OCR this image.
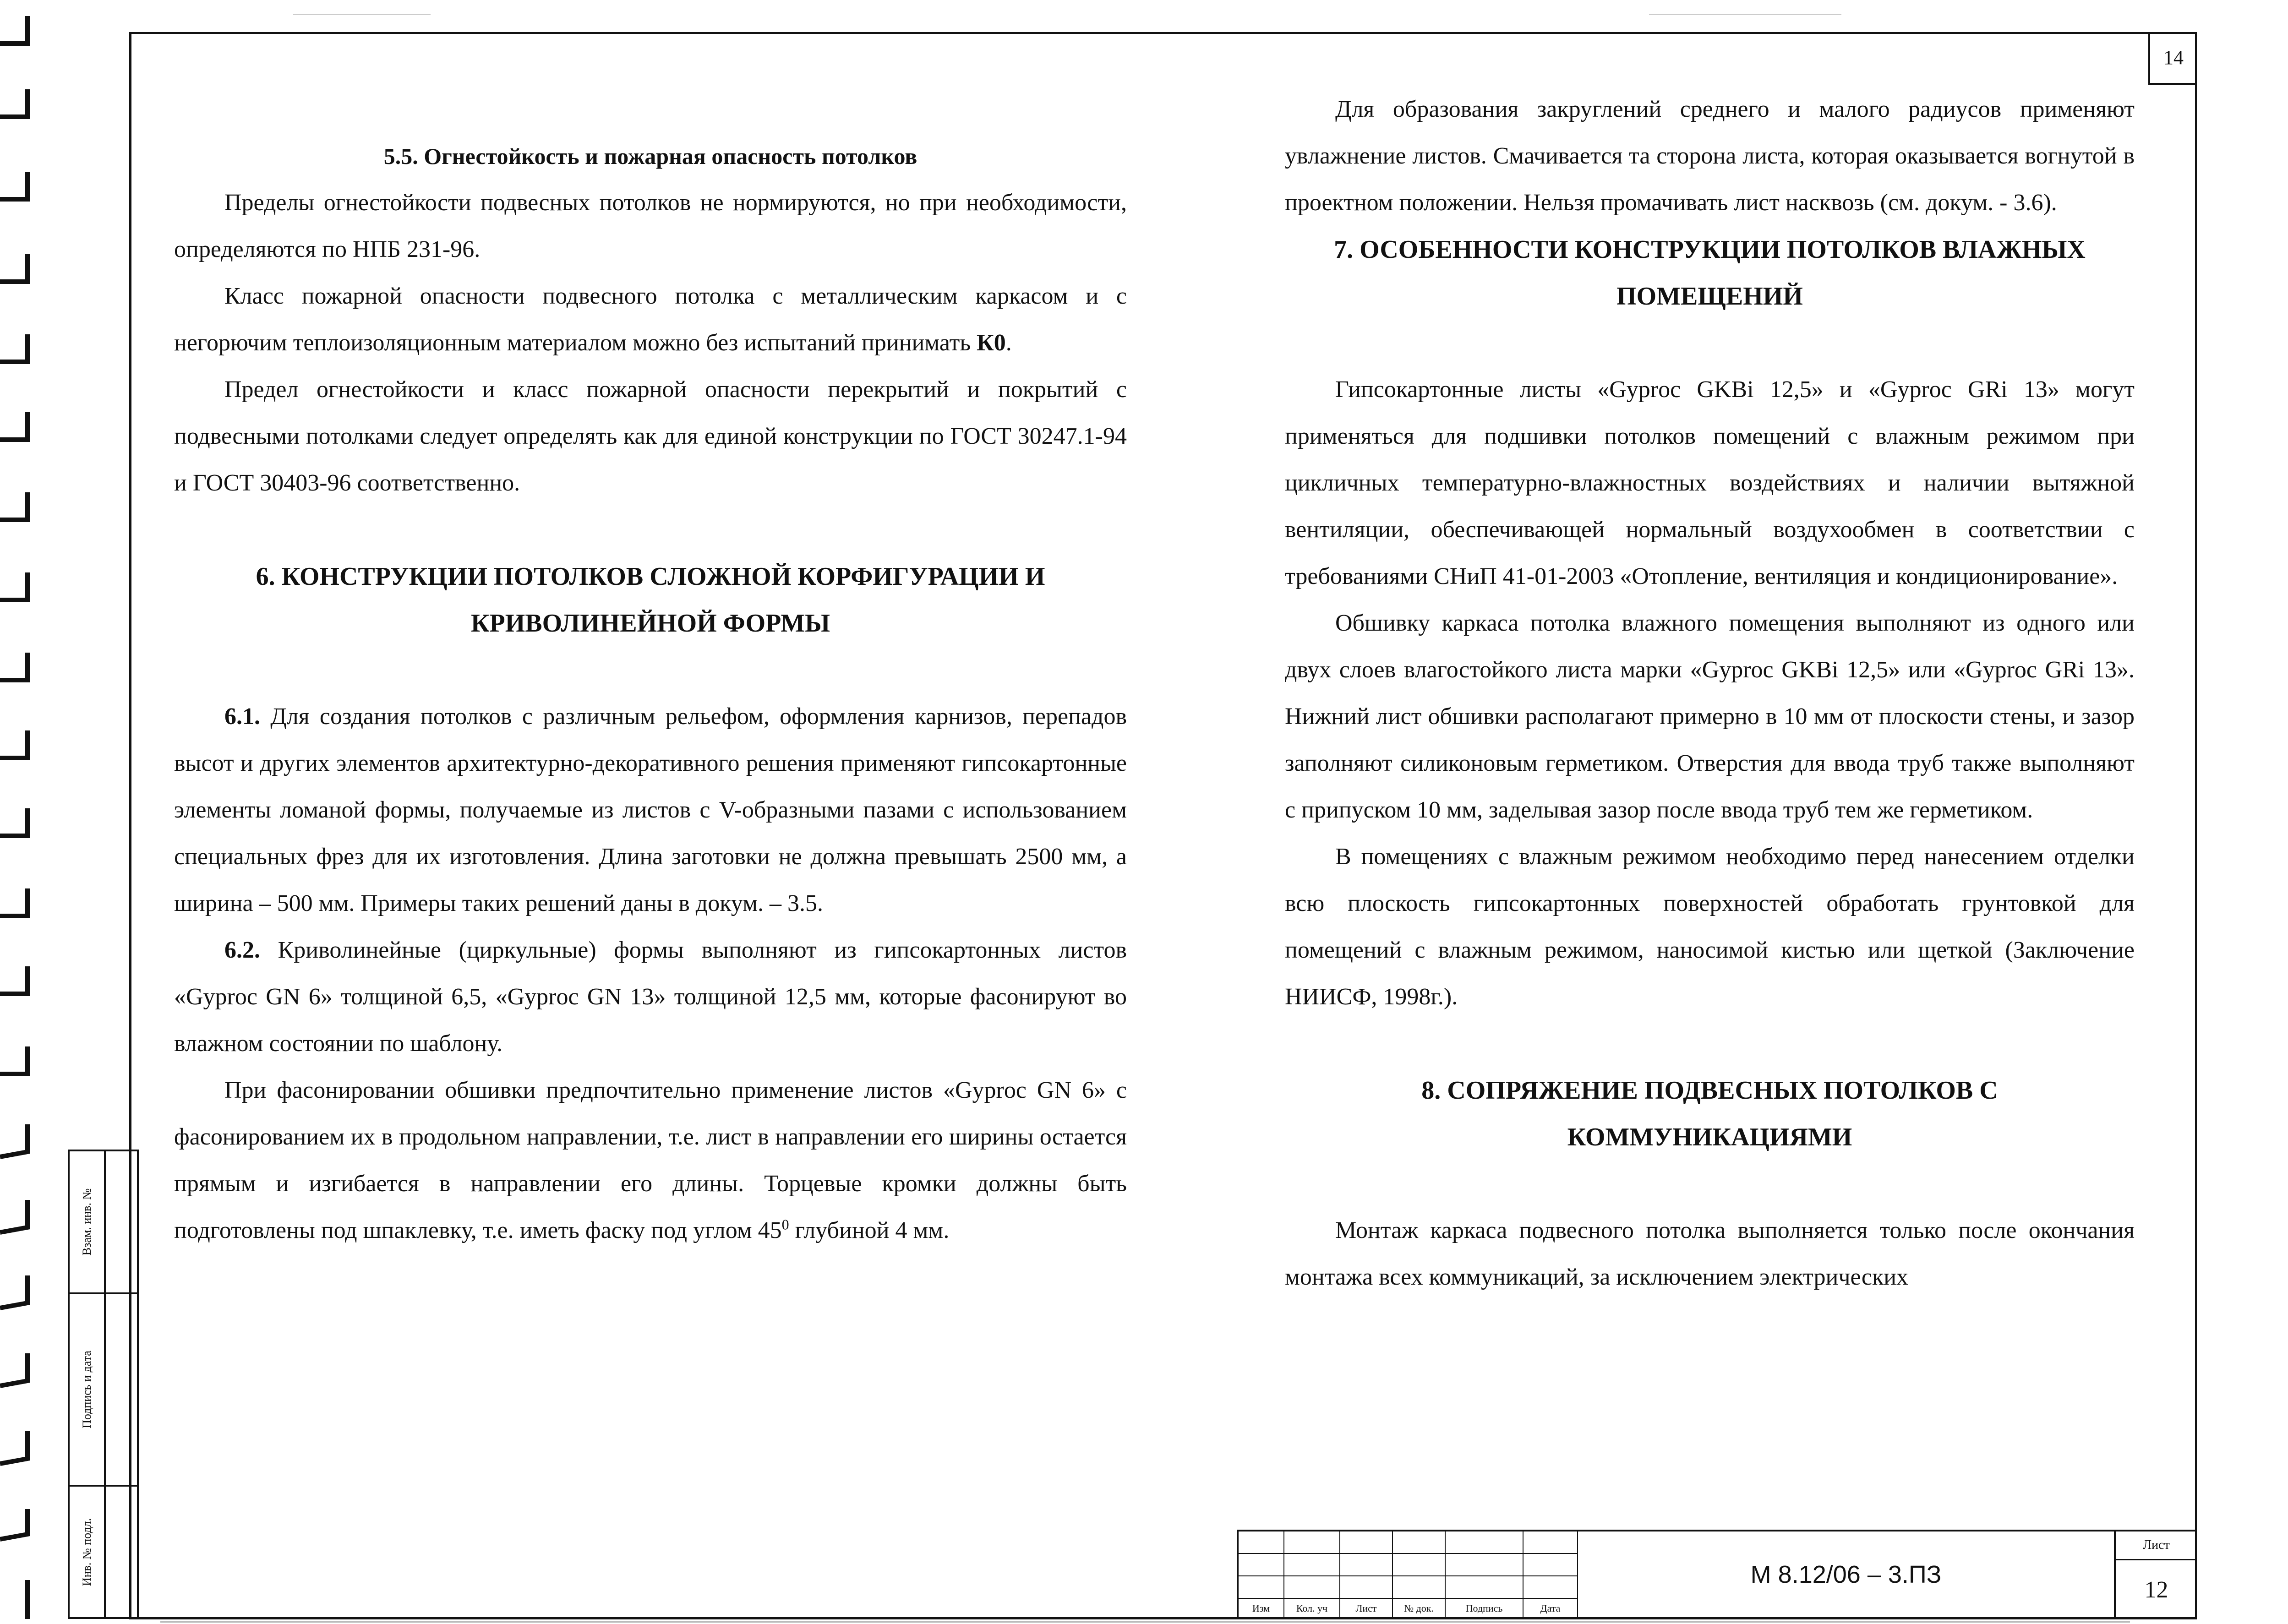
14
5.5. Огнестойкость и пожарная опасность потолков

Пределы огнестойкости подвесных потолков не нормируются, но при необходимости, определяются по НПБ 231-96.

Класс пожарной опасности подвесного потолка с металлическим каркасом и с негорючим теплоизоляционным материалом можно без испытаний принимать К0.

Предел огнестойкости и класс пожарной опасности перекрытий и покрытий с подвесными потолками следует определять как для единой конструкции по ГОСТ 30247.1-94 и ГОСТ 30403-96 соответственно.

6. КОНСТРУКЦИИ ПОТОЛКОВ СЛОЖНОЙ КОРФИГУРАЦИИ И
КРИВОЛИНЕЙНОЙ ФОРМЫ

6.1. Для создания потолков с различным рельефом, оформления карнизов, перепадов высот и других элементов архитектурно-декоративного решения применяют гипсокартонные элементы ломаной формы, получаемые из листов с V-образными пазами с использованием специальных фрез для их изготовления. Длина заготовки не должна превышать 2500 мм, а ширина – 500 мм. Примеры таких решений даны в докум. – 3.5.

6.2. Криволинейные (циркульные) формы выполняют из гипсокартонных листов «Gyproc GN 6» толщиной 6,5, «Gyproc GN 13» толщиной 12,5 мм, которые фасонируют во влажном состоянии по шаблону.

При фасонировании обшивки предпочтительно применение листов «Gyproc GN 6» с фасонированием их в продольном направлении, т.е. лист в направлении его ширины остается прямым и изгибается в направлении его длины. Торцевые кромки должны быть подготовлены под шпаклевку, т.е. иметь фаску под углом $45^0$ глубиной 4 мм.

Для образования закруглений среднего и малого радиусов применяют увлажнение листов. Смачивается та сторона листа, которая оказывается вогнутой в проектном положении. Нельзя промачивать лист насквозь (см. докум. - 3.6).

7. ОСОБЕННОСТИ КОНСТРУКЦИИ ПОТОЛКОВ ВЛАЖНЫХ
ПОМЕЩЕНИЙ

Гипсокартонные листы «Gyproc GKBi 12,5» и «Gyproc GRi 13» могут применяться для подшивки потолков помещений с влажным режимом при цикличных температурно-влажностных воздействиях и наличии вытяжной вентиляции, обеспечивающей нормальный воздухообмен в соответствии с требованиями СНиП 41-01-2003 «Отопление, вентиляция и кондиционирование».

Обшивку каркаса потолка влажного помещения выполняют из одного или двух слоев влагостойкого листа марки «Gyproc GKBi 12,5» или «Gyproc GRi 13». Нижний лист обшивки располагают примерно в 10 мм от плоскости стены, и зазор заполняют силиконовым герметиком. Отверстия для ввода труб также выполняют с припуском 10 мм, заделывая зазор после ввода труб тем же герметиком.

В помещениях с влажным режимом необходимо перед нанесением отделки всю плоскость гипсокартонных поверхностей обработать грунтовкой для помещений с влажным режимом, наносимой кистью или щеткой (Заключение НИИСФ, 1998г.).

8. СОПРЯЖЕНИЕ ПОДВЕСНЫХ ПОТОЛКОВ С
КОММУНИКАЦИЯМИ

Монтаж каркаса подвесного потолка выполняется только после окончания монтажа всех коммуникаций, за исключением электрических

Взам. инв. №
Подпись и дата
Инв. № подл.
Изм	Кол. уч	Лист	№ док.	Подпись	Дата
М 8.12/06 – 3.ПЗ
Лист
12
